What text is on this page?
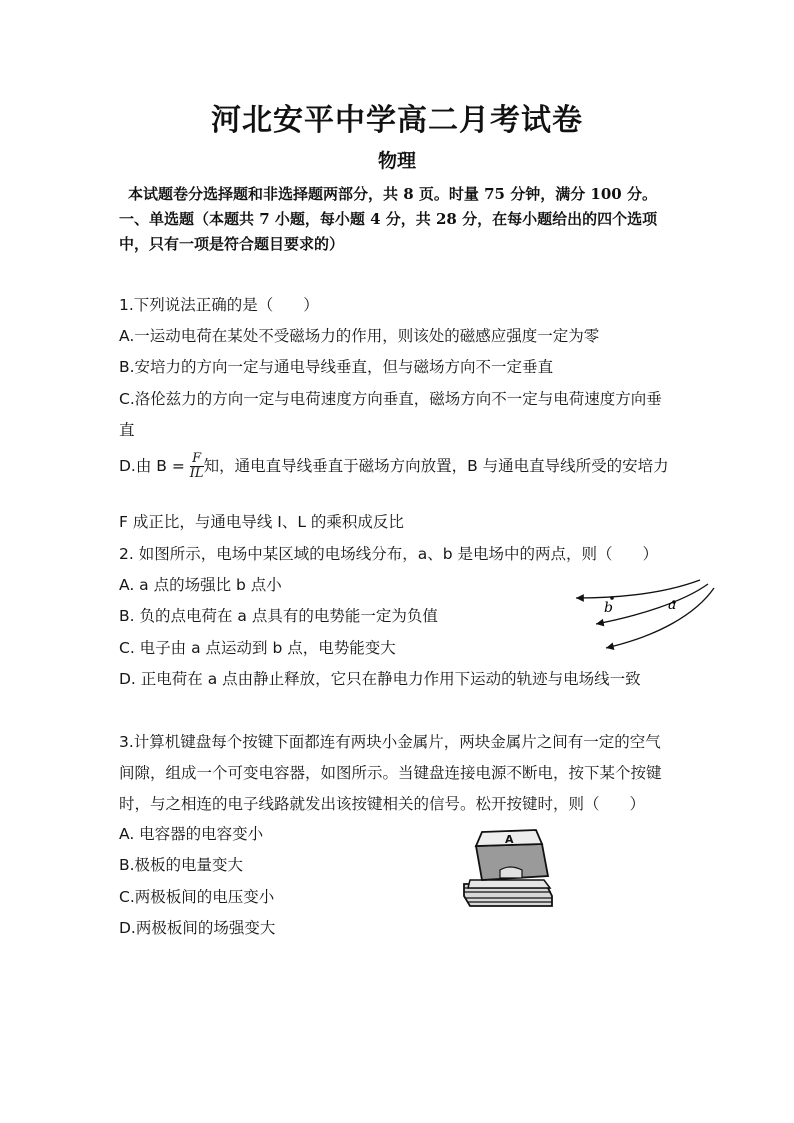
河北安平中学高二月考试卷
物理
本试题卷分选择题和非选择题两部分，共 8 页。时量 75 分钟，满分 100 分。
一、单选题（本题共 7 小题，每小题 4 分，共 28 分，在每小题给出的四个选项
中，只有一项是符合题目要求的）
1.下列说法正确的是（ ）
A.一运动电荷在某处不受磁场力的作用，则该处的磁感应强度一定为零
B.安培力的方向一定与通电导线垂直，但与磁场方向不一定垂直
C.洛伦兹力的方向一定与电荷速度方向垂直，磁场方向不一定与电荷速度方向垂
直
D.由 $B = \frac{F}{IL}$ 知，通电直导线垂直于磁场方向放置，B 与通电直导线所受的安培力
F 成正比，与通电导线 I、L 的乘积成反比
2. 如图所示，电场中某区域的电场线分布，a、b 是电场中的两点，则（ ）
A. a 点的场强比 b 点小
B. 负的点电荷在 a 点具有的电势能一定为负值
C. 电子由 a 点运动到 b 点，电势能变大
D. 正电荷在 a 点由静止释放，它只在静电力作用下运动的轨迹与电场线一致
b	a
3.计算机键盘每个按键下面都连有两块小金属片，两块金属片之间有一定的空气
间隙，组成一个可变电容器，如图所示。当键盘连接电源不断电，按下某个按键
时，与之相连的电子线路就发出该按键相关的信号。松开按键时，则（ ）
A. 电容器的电容变小
B.极板的电量变大
C.两极板间的电压变小
D.两极板间的场强变大
A
